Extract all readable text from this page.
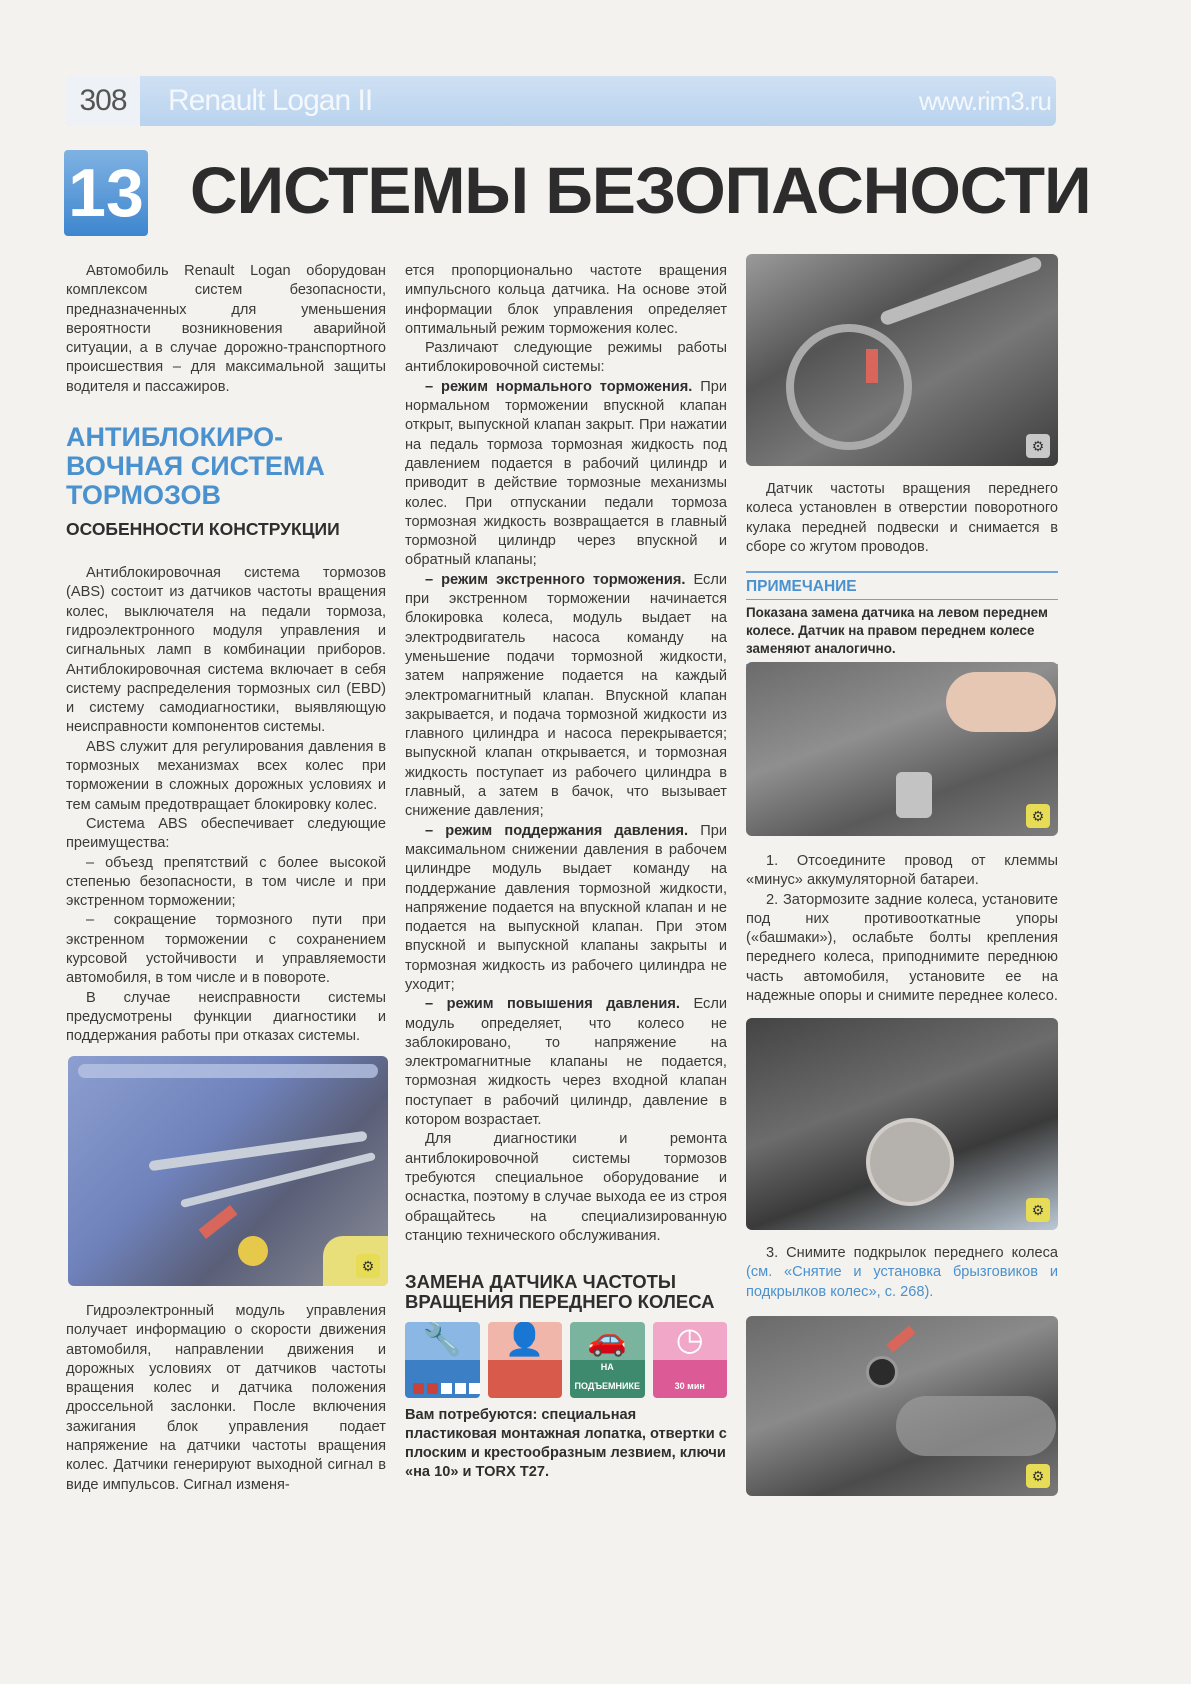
308	Renault Logan II	www.rim3.ru
13 СИСТЕМЫ БЕЗОПАСНОСТИ

Автомобиль Renault Logan оборудован комплексом систем безопасности, предназначенных для уменьшения вероятности возникновения аварийной ситуации, а в случае дорожно-транспортного происшествия – для максимальной защиты водителя и пассажиров.

АНТИБЛОКИРО-ВОЧНАЯ СИСТЕМА ТОРМОЗОВ
ОСОБЕННОСТИ КОНСТРУКЦИИ

Антиблокировочная система тормозов (ABS) состоит из датчиков частоты вращения колес, выключателя на педали тормоза, гидроэлектронного модуля управления и сигнальных ламп в комбинации приборов. Антиблокировочная система включает в себя систему распределения тормозных сил (EBD) и систему самодиагностики, выявляющую неисправности компонентов системы.

ABS служит для регулирования давления в тормозных механизмах всех колес при торможении в сложных дорожных условиях и тем самым предотвращает блокировку колес.

Система ABS обеспечивает следующие преимущества:

– объезд препятствий с более высокой степенью безопасности, в том числе и при экстренном торможении;

– сокращение тормозного пути при экстренном торможении с сохранением курсовой устойчивости и управляемости автомобиля, в том числе и в повороте.

В случае неисправности системы предусмотрены функции диагностики и поддержания работы при отказах системы.

⚙

Гидроэлектронный модуль управления получает информацию о скорости движения автомобиля, направлении движения и дорожных условиях от датчиков частоты вращения колес и датчика положения дроссельной заслонки. После включения зажигания блок управления подает напряжение на датчики частоты вращения колес. Датчики генерируют выходной сигнал в виде импульсов. Сигнал изменя-

ется пропорционально частоте вращения импульсного кольца датчика. На основе этой информации блок управления определяет оптимальный режим торможения колес.

Различают следующие режимы работы антиблокировочной системы:

– режим нормального торможения. При нормальном торможении впускной клапан открыт, выпускной клапан закрыт. При нажатии на педаль тормоза тормозная жидкость под давлением подается в рабочий цилиндр и приводит в действие тормозные механизмы колес. При отпускании педали тормоза тормозная жидкость возвращается в главный тормозной цилиндр через впускной и обратный клапаны;

– режим экстренного торможения. Если при экстренном торможении начинается блокировка колеса, модуль выдает на электродвигатель насоса команду на уменьшение подачи тормозной жидкости, затем напряжение подается на каждый электромагнитный клапан. Впускной клапан закрывается, и подача тормозной жидкости из главного цилиндра и насоса перекрывается; выпускной клапан открывается, и тормозная жидкость поступает из рабочего цилиндра в главный, а затем в бачок, что вызывает снижение давления;

– режим поддержания давления. При максимальном снижении давления в рабочем цилиндре модуль выдает команду на поддержание давления тормозной жидкости, напряжение подается на впускной клапан и не подается на выпускной клапан. При этом впускной и выпускной клапаны закрыты и тормозная жидкость из рабочего цилиндра не уходит;

– режим повышения давления. Если модуль определяет, что колесо не заблокировано, то напряжение на электромагнитные клапаны не подается, тормозная жидкость через входной клапан поступает в рабочий цилиндр, давление в котором возрастает.

Для диагностики и ремонта антиблокировочной системы тормозов требуются специальное оборудование и оснастка, поэтому в случае выхода ее из строя обращайтесь на специализированную станцию технического обслуживания.

ЗАМЕНА ДАТЧИКА ЧАСТОТЫ ВРАЩЕНИЯ ПЕРЕДНЕГО КОЛЕСА
🔧 👤 🚗
НА ПОДЪЕМНИКЕ
◷
30 мин
Вам потребуются: специальная пластиковая монтажная лопатка, отвертки с плоским и крестообразным лезвием, ключи «на 10» и TORX T27.
⚙

Датчик частоты вращения переднего колеса установлен в отверстии поворотного кулака передней подвески и снимается в сборе со жгутом проводов.

ПРИМЕЧАНИЕ
Показана замена датчика на левом переднем колесе. Датчик на правом переднем колесе заменяют аналогично.
⚙

1. Отсоедините провод от клеммы «минус» аккумуляторной батареи.

2. Затормозите задние колеса, установите под них противооткатные упоры («башмаки»), ослабьте болты крепления переднего колеса, приподнимите переднюю часть автомобиля, установите ее на надежные опоры и снимите переднее колесо.

⚙

3. Снимите подкрылок переднего колеса (см. «Снятие и установка брызговиков и подкрылков колес», с. 268).

⚙
